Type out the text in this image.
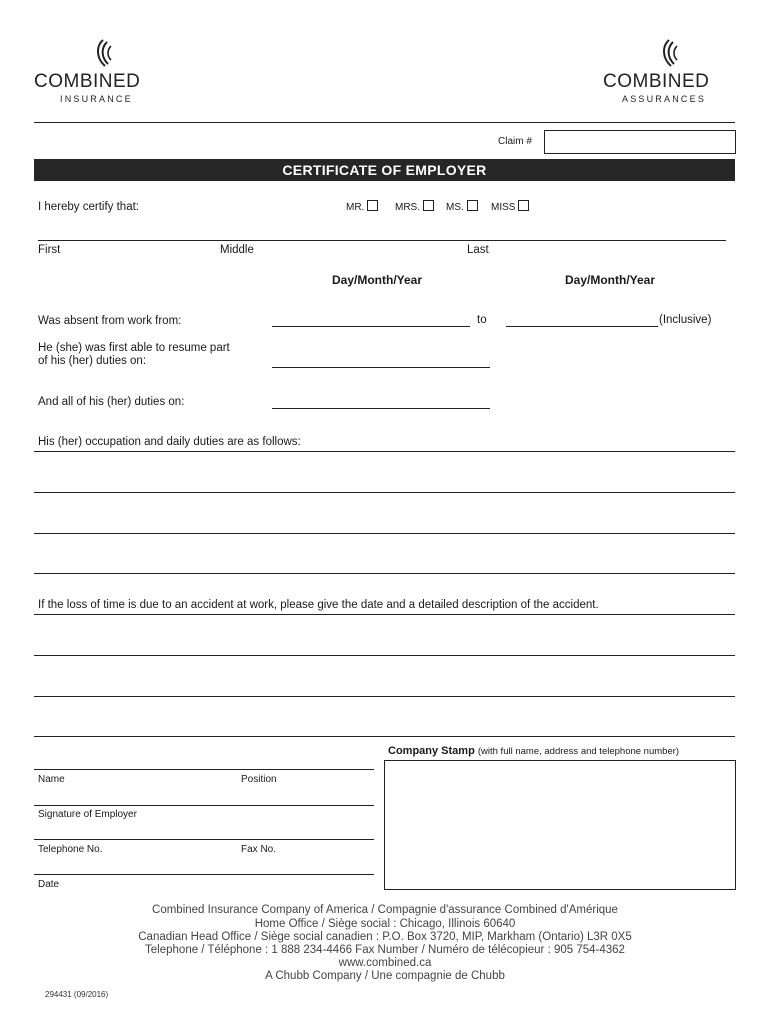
COMBINED
INSURANCE
COMBINED
ASSURANCES
Claim #
CERTIFICATE OF EMPLOYER
I hereby certify that:	MR.	MRS.	MS.	MISS
First	Middle	Last
Day/Month/Year	Day/Month/Year
Was absent from work from:	to	(Inclusive)
He (she) was first able to resume part
of his (her) duties on:
And all of his (her) duties on:
His (her) occupation and daily duties are as follows:
If the loss of time is due to an accident at work, please give the date and a detailed description of the accident.
Company Stamp (with full name, address and telephone number)
Name	Position
Signature of Employer
Telephone No.	Fax No.
Date
Combined Insurance Company of America / Compagnie d'assurance Combined d'Amérique
Home Office / Siège social : Chicago, Illinois 60640
Canadian Head Office / Siège social canadien : P.O. Box 3720, MIP, Markham (Ontario) L3R 0X5
Telephone / Téléphone : 1 888 234-4466 Fax Number / Numéro de télécopieur : 905 754-4362
www.combined.ca
A Chubb Company / Une compagnie de Chubb
294431 (09/2016)
